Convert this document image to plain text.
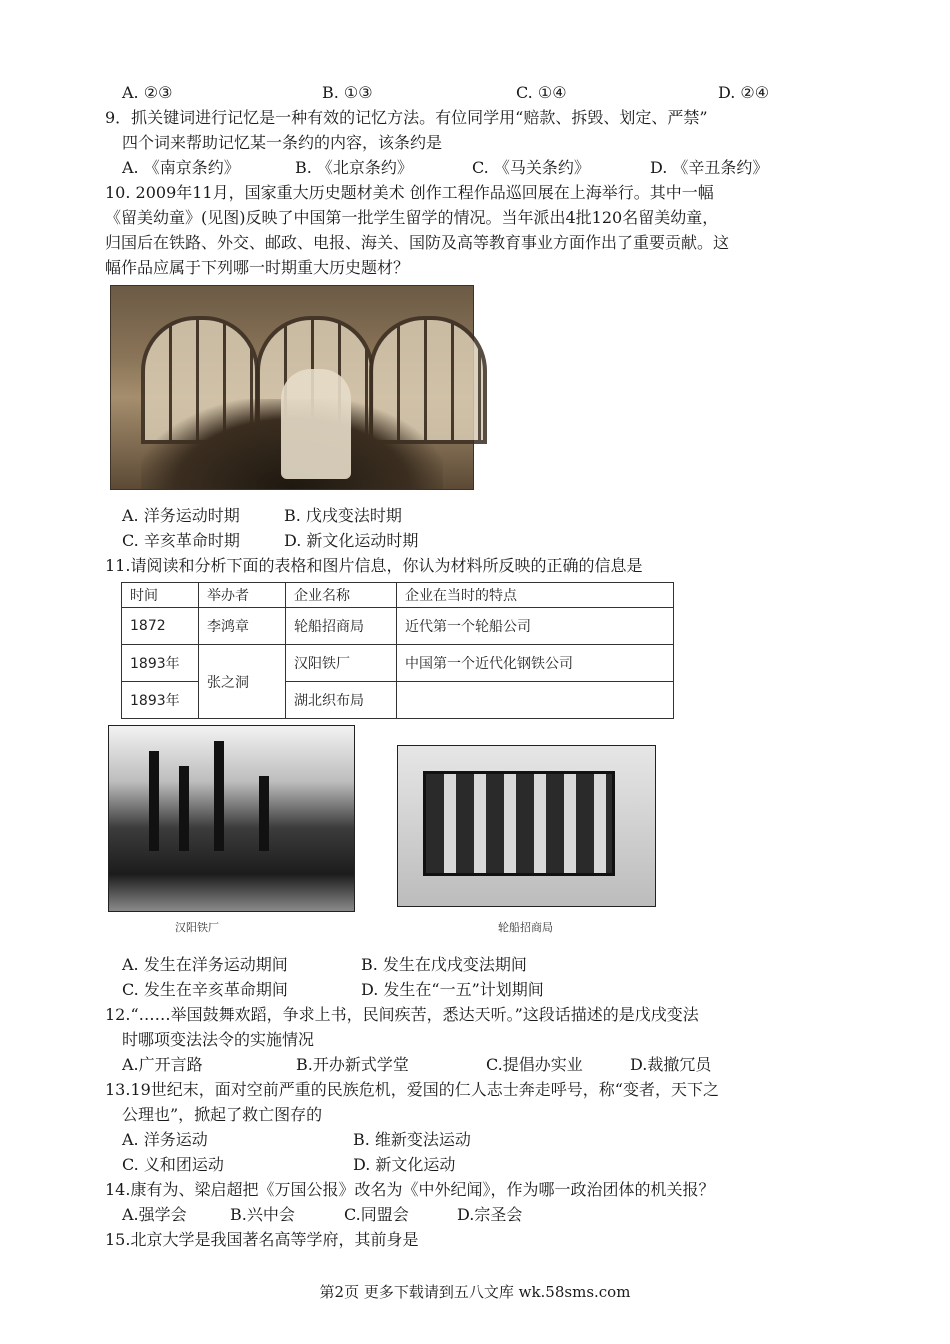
A. ②③	B. ①③	C. ①④	D. ②④
9．抓关键词进行记忆是一种有效的记忆方法。有位同学用“赔款、拆毁、划定、严禁”
四个词来帮助记忆某一条约的内容，该条约是
A. 《南京条约》	B. 《北京条约》	C. 《马关条约》	D. 《辛丑条约》
10. 2009年11月，国家重大历史题材美术 创作工程作品巡回展在上海举行。其中一幅
《留美幼童》(见图)反映了中国第一批学生留学的情况。当年派出4批120名留美幼童，
归国后在铁路、外交、邮政、电报、海关、国防及高等教育事业方面作出了重要贡献。这
幅作品应属于下列哪一时期重大历史题材？
A. 洋务运动时期	B. 戊戌变法时期
C. 辛亥革命时期	D. 新文化运动时期
11.请阅读和分析下面的表格和图片信息，你认为材料所反映的正确的信息是
时间	举办者	企业名称	企业在当时的特点
1872	李鸿章	轮船招商局	近代第一个轮船公司
1893年	张之洞	汉阳铁厂	中国第一个近代化钢铁公司
1893年		湖北织布局	
汉阳铁厂	轮船招商局
A. 发生在洋务运动期间	B. 发生在戊戌变法期间
C. 发生在辛亥革命期间	D. 发生在“一五”计划期间
12.“……举国鼓舞欢蹈，争求上书，民间疾苦，悉达天听。”这段话描述的是戊戌变法
时哪项变法法令的实施情况
A.广开言路	B.开办新式学堂	C.提倡办实业	D.裁撤冗员
13.19世纪末，面对空前严重的民族危机，爱国的仁人志士奔走呼号，称“变者，天下之
公理也”，掀起了救亡图存的
A. 洋务运动	B. 维新变法运动
C. 义和团运动	D. 新文化运动
14.康有为、梁启超把《万国公报》改名为《中外纪闻》，作为哪一政治团体的机关报？
A.强学会	B.兴中会	C.同盟会	D.宗圣会
15.北京大学是我国著名高等学府，其前身是
第2页 更多下载请到五八文库 wk.58sms.com
